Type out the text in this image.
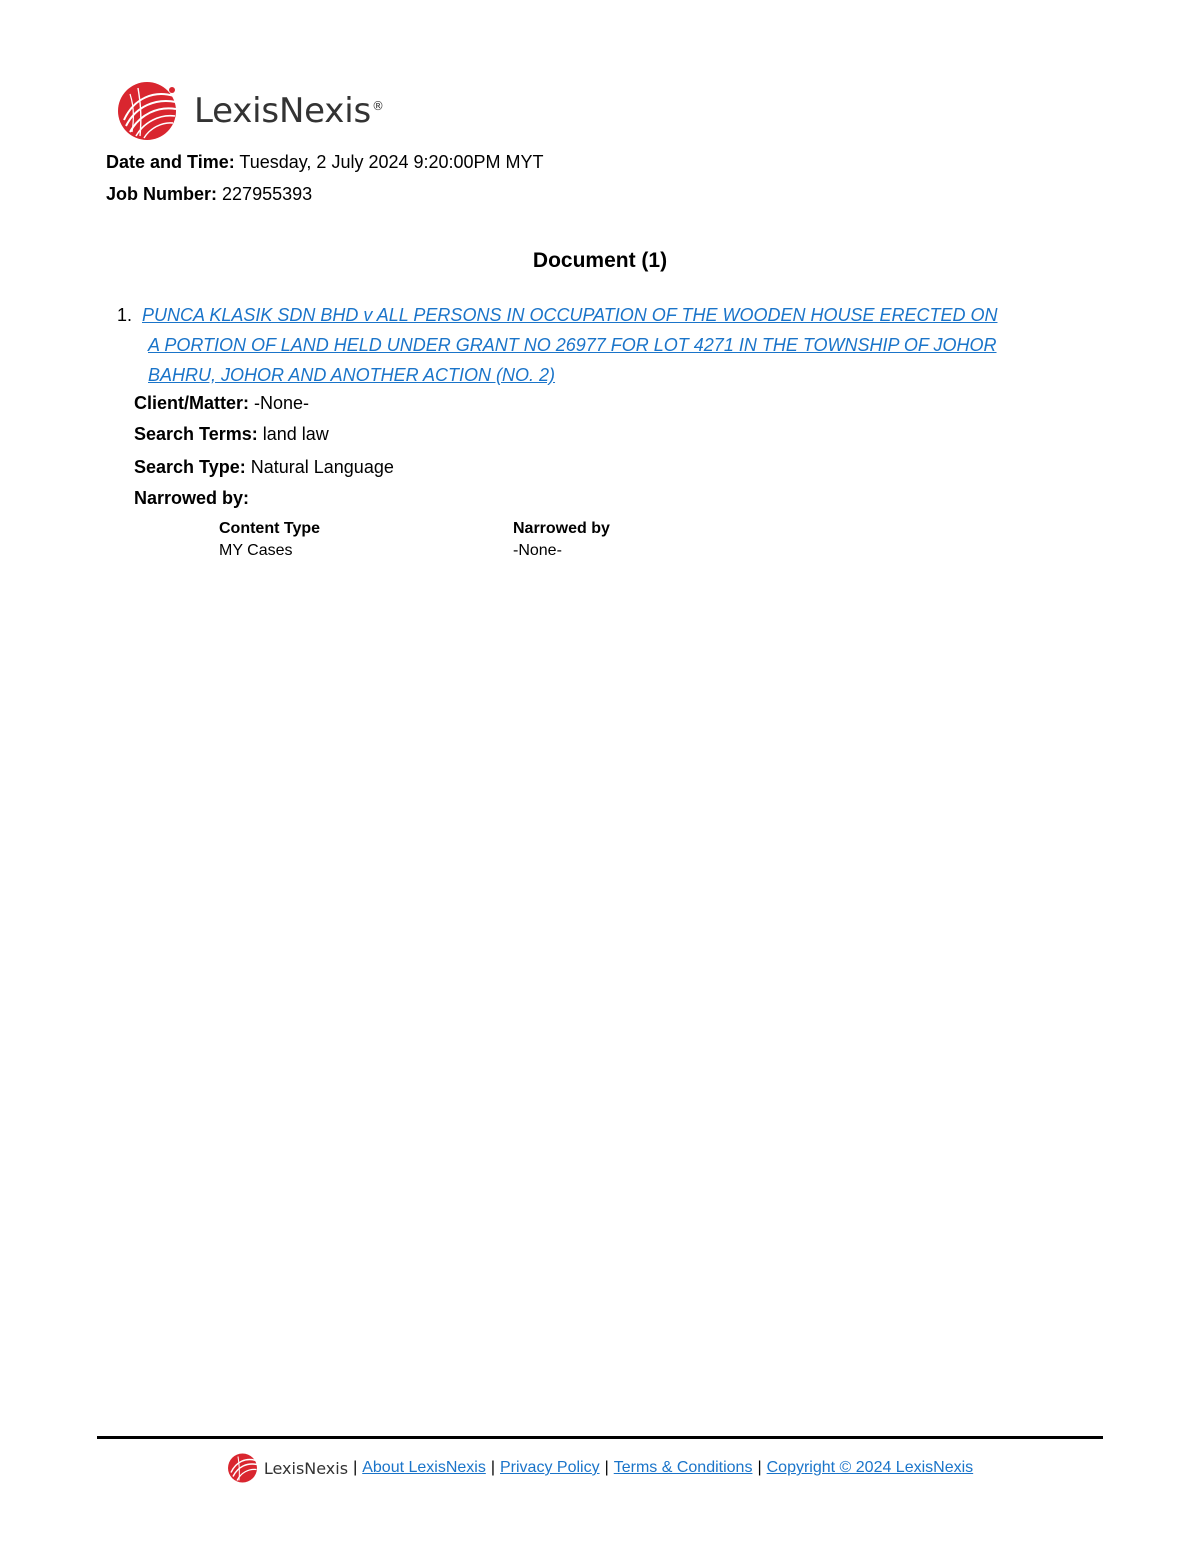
LexisNexis®
Date and Time: Tuesday, 2 July 2024 9:20:00PM MYT
Job Number: 227955393
Document (1)
1. PUNCA KLASIK SDN BHD v ALL PERSONS IN OCCUPATION OF THE WOODEN HOUSE ERECTED ON
A PORTION OF LAND HELD UNDER GRANT NO 26977 FOR LOT 4271 IN THE TOWNSHIP OF JOHOR
BAHRU, JOHOR AND ANOTHER ACTION (NO. 2)
Client/Matter: -None-
Search Terms: land law
Search Type: Natural Language
Narrowed by:
Content Type
MY Cases
Narrowed by
-None-
LexisNexis | About LexisNexis | Privacy Policy | Terms & Conditions | Copyright © 2024 LexisNexis
